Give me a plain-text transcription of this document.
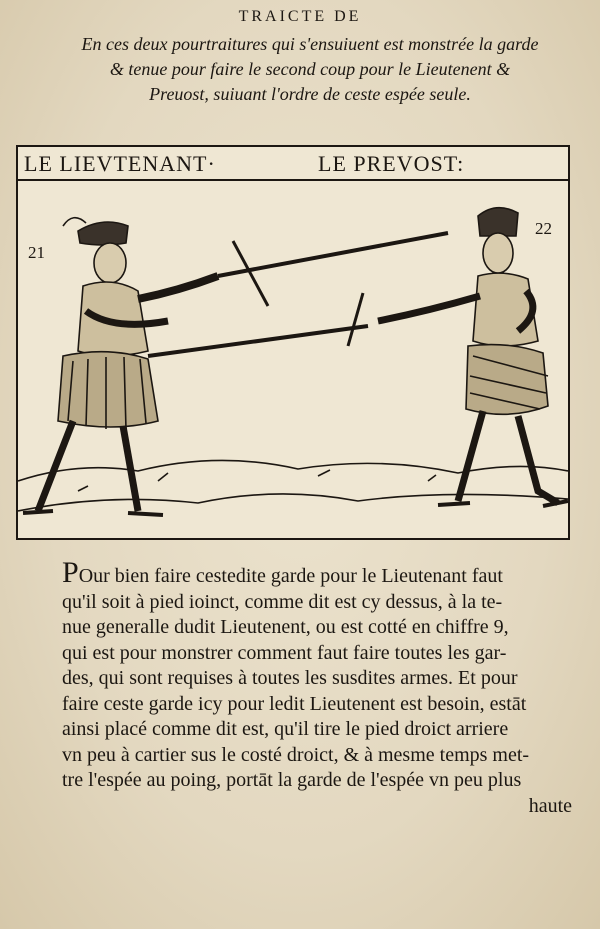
TRAICTE DE
En ces deux pourtraitures qui s'ensuiuent est monstrée la garde
& tenue pour faire le second coup pour le Lieutenent &
Preuost, suiuant l'ordre de ceste espée seule.
LE LIEVTENANT·	LE PREVOST:
21
22
POur bien faire cestedite garde pour le Lieutenant faut
qu'il soit à pied ioinct, comme dit est cy dessus, à la te-
nue generalle dudit Lieutenent, ou est cotté en chiffre 9,
qui est pour monstrer comment faut faire toutes les gar-
des, qui sont requises à toutes les susdites armes. Et pour
faire ceste garde icy pour ledit Lieutenent est besoin, estāt
ainsi placé comme dit est, qu'il tire le pied droict arriere
vn peu à cartier sus le costé droict, & à mesme temps met-
tre l'espée au poing, portāt la garde de l'espée vn peu plus
haute
